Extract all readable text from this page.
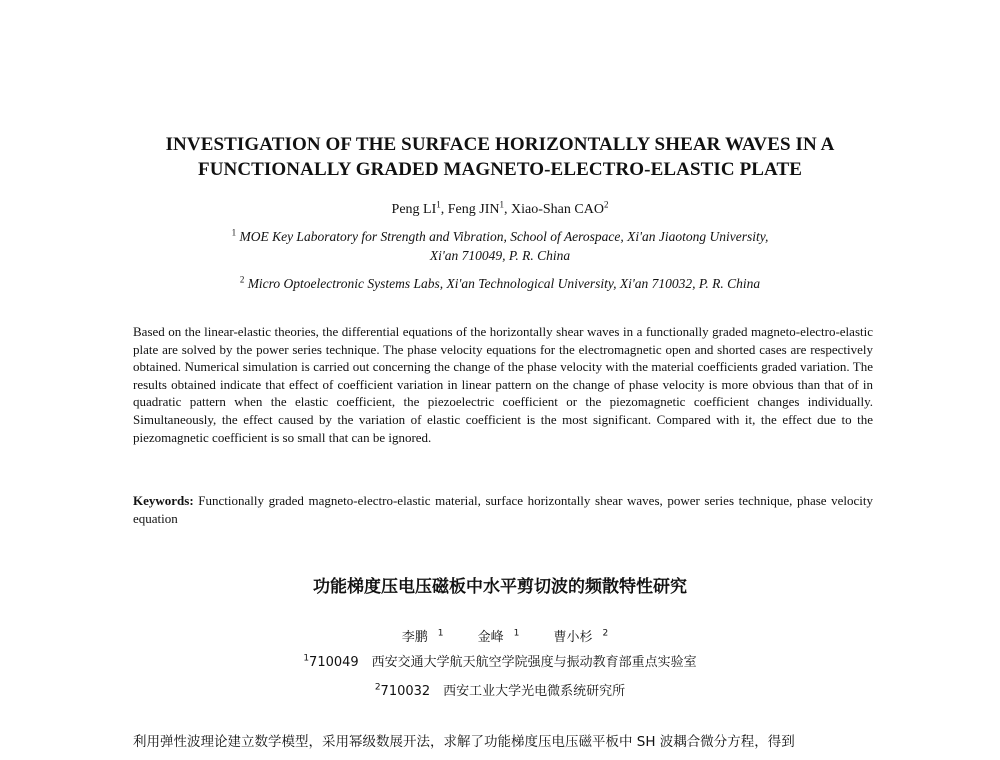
INVESTIGATION OF THE SURFACE HORIZONTALLY SHEAR WAVES IN A
FUNCTIONALLY GRADED MAGNETO-ELECTRO-ELASTIC PLATE
Peng $LI^1$, Feng JIN$^1$, Xiao-Shan CAO$^2$
$^1$ MOE Key Laboratory for Strength and Vibration, School of Aerospace, Xi'an Jiaotong University,
Xi'an 710049, P. R. China
$^2$ Micro Optoelectronic Systems Labs, Xi'an Technological University, Xi'an 710032, P. R. China
Based on the linear-elastic theories, the differential equations of the horizontally shear waves in a functionally graded magneto-electro-elastic plate are solved by the power series technique. The phase velocity equations for the electromagnetic open and shorted cases are respectively obtained. Numerical simulation is carried out concerning the change of the phase velocity with the material coefficients graded variation. The results obtained indicate that effect of coefficient variation in linear pattern on the change of phase velocity is more obvious than that of in quadratic pattern when the elastic coefficient, the piezoelectric coefficient or the piezomagnetic coefficient changes individually. Simultaneously, the effect caused by the variation of elastic coefficient is the most significant. Compared with it, the effect due to the piezomagnetic coefficient is so small that can be ignored.
Keywords: Functionally graded magneto-electro-elastic material, surface horizontally shear waves, power series technique, phase velocity equation
功能梯度压电压磁板中水平剪切波的频散特性研究
李鹏 $^1$	金峰 $^1$	曹小杉 $^2$
$^1$710049　西安交通大学航天航空学院强度与振动教育部重点实验室
$^2$710032　西安工业大学光电微系统研究所
利用弹性波理论建立数学模型，采用幂级数展开法，求解了功能梯度压电压磁平板中 SH 波耦合微分方程，得到
